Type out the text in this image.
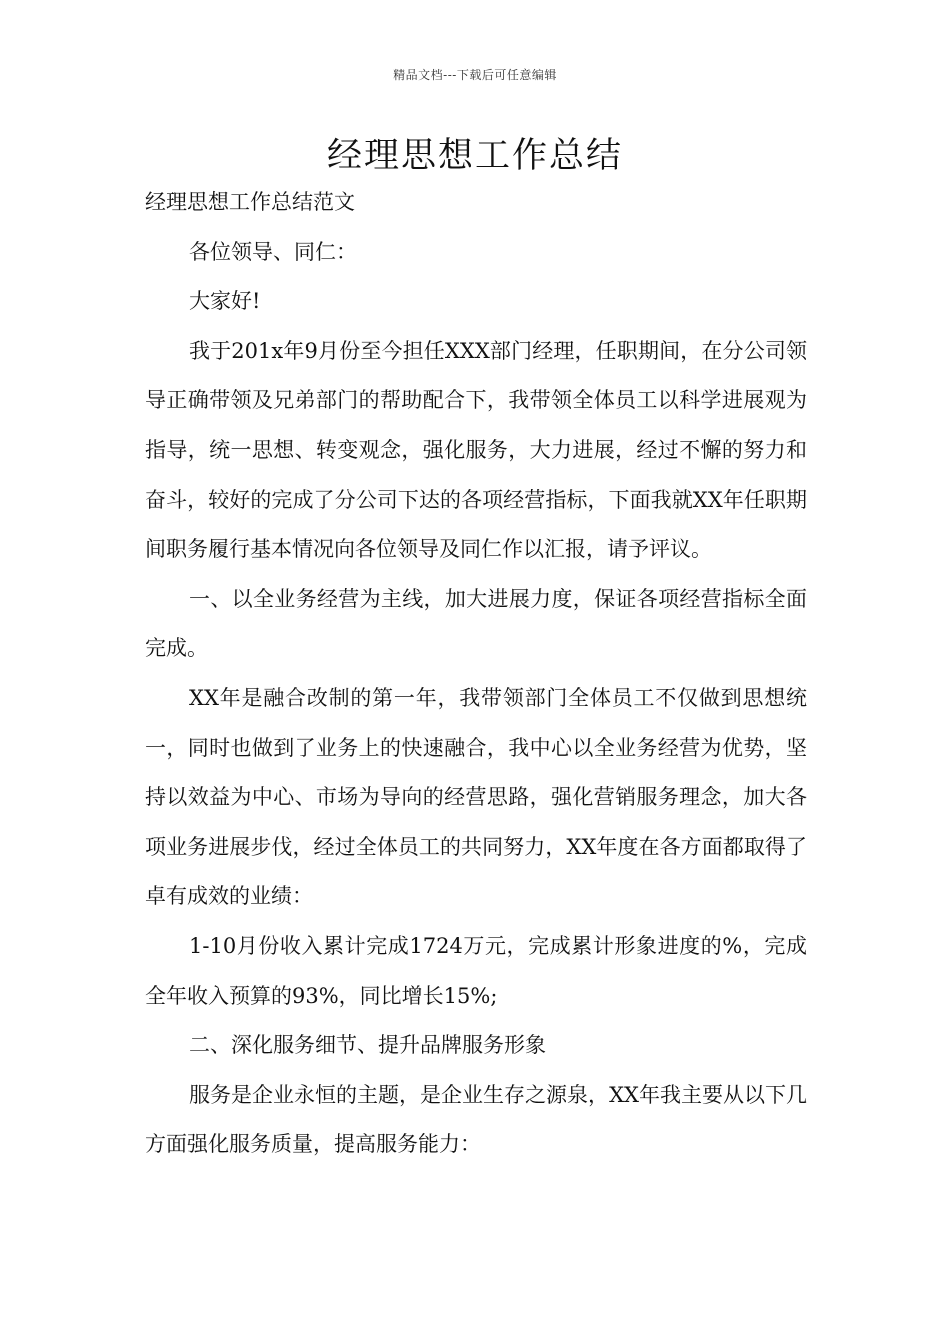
精品文档---下载后可任意编辑
经理思想工作总结

经理思想工作总结范文

各位领导、同仁：

大家好!

我于201x年9月份至今担任XXX部门经理，任职期间，在分公司领导正确带领及兄弟部门的帮助配合下，我带领全体员工以科学进展观为指导，统一思想、转变观念，强化服务，大力进展，经过不懈的努力和奋斗，较好的完成了分公司下达的各项经营指标，下面我就XX年任职期间职务履行基本情况向各位领导及同仁作以汇报，请予评议。

一、以全业务经营为主线，加大进展力度，保证各项经营指标全面完成。

XX年是融合改制的第一年，我带领部门全体员工不仅做到思想统一，同时也做到了业务上的快速融合，我中心以全业务经营为优势，坚持以效益为中心、市场为导向的经营思路，强化营销服务理念，加大各项业务进展步伐，经过全体员工的共同努力，XX年度在各方面都取得了卓有成效的业绩：

1-10月份收入累计完成1724万元，完成累计形象进度的%，完成全年收入预算的93%，同比增长15%;

二、深化服务细节、提升品牌服务形象

服务是企业永恒的主题，是企业生存之源泉，XX年我主要从以下几方面强化服务质量，提高服务能力：
